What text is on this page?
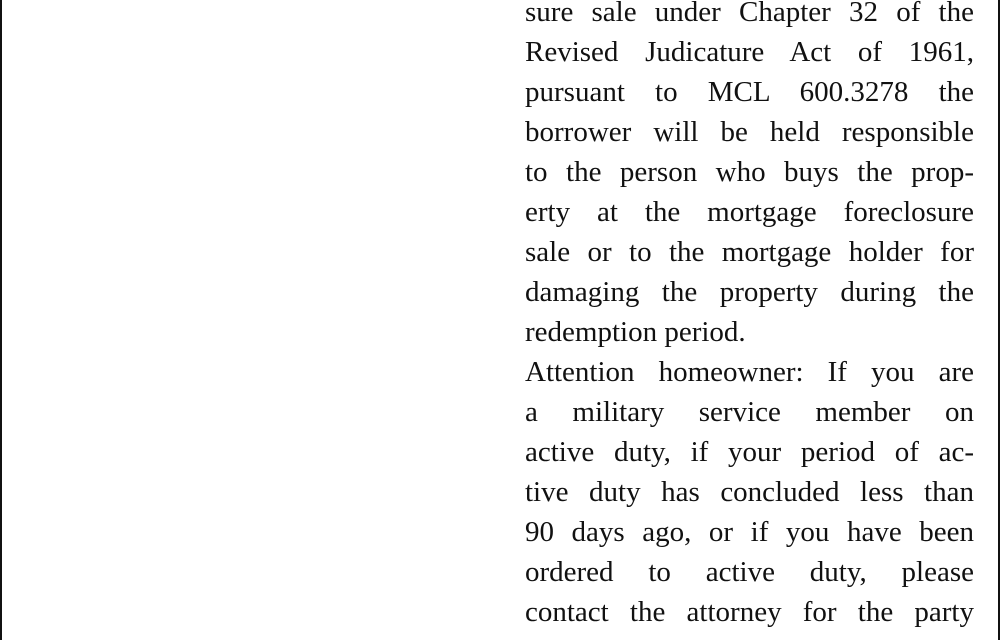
sure sale under Chapter 32 of the
Revised Judicature Act of 1961,
pursuant to MCL 600.3278 the
borrower will be held responsible
to the person who buys the prop-
erty at the mortgage foreclosure
sale or to the mortgage holder for
damaging the property during the
redemption period.
Attention homeowner: If you are
a military service member on
active duty, if your period of ac-
tive duty has concluded less than
90 days ago, or if you have been
ordered to active duty, please
contact the attorney for the party
